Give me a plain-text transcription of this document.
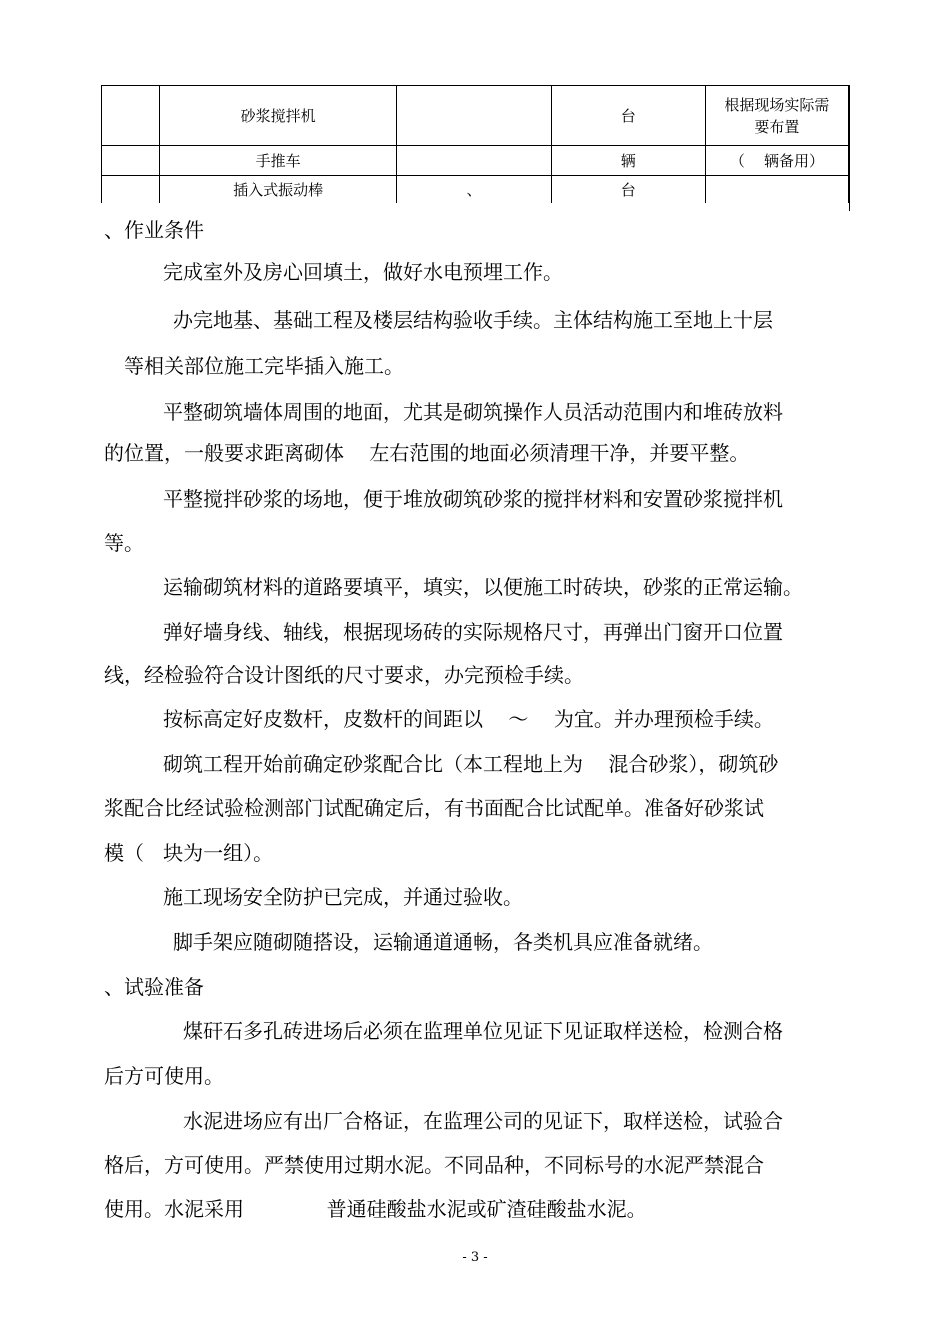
	砂浆搅拌机		台	根据现场实际需
要布置
	手推车		辆	（    辆备用）
	插入式振动棒	、	台	
、作业条件
完成室外及房心回填土，做好水电预埋工作。
办完地基、基础工程及楼层结构验收手续。主体结构施工至地上十层
等相关部位施工完毕插入施工。
平整砌筑墙体周围的地面，尤其是砌筑操作人员活动范围内和堆砖放料
的位置，一般要求距离砌体    左右范围的地面必须清理干净，并要平整。
平整搅拌砂浆的场地，便于堆放砌筑砂浆的搅拌材料和安置砂浆搅拌机
等。
运输砌筑材料的道路要填平，填实，以便施工时砖块，砂浆的正常运输。
弹好墙身线、轴线，根据现场砖的实际规格尺寸，再弹出门窗开口位置
线，经检验符合设计图纸的尺寸要求，办完预检手续。
按标高定好皮数杆，皮数杆的间距以    ～    为宜。并办理预检手续。
砌筑工程开始前确定砂浆配合比（本工程地上为    混合砂浆），砌筑砂
浆配合比经试验检测部门试配确定后，有书面配合比试配单。准备好砂浆试
模（   块为一组）。
施工现场安全防护已完成，并通过验收。
脚手架应随砌随搭设，运输通道通畅，各类机具应准备就绪。
、试验准备
煤矸石多孔砖进场后必须在监理单位见证下见证取样送检，检测合格
后方可使用。
水泥进场应有出厂合格证，在监理公司的见证下，取样送检，试验合
格后，方可使用。严禁使用过期水泥。不同品种，不同标号的水泥严禁混合
使用。水泥采用             普通硅酸盐水泥或矿渣硅酸盐水泥。
- 3 -
